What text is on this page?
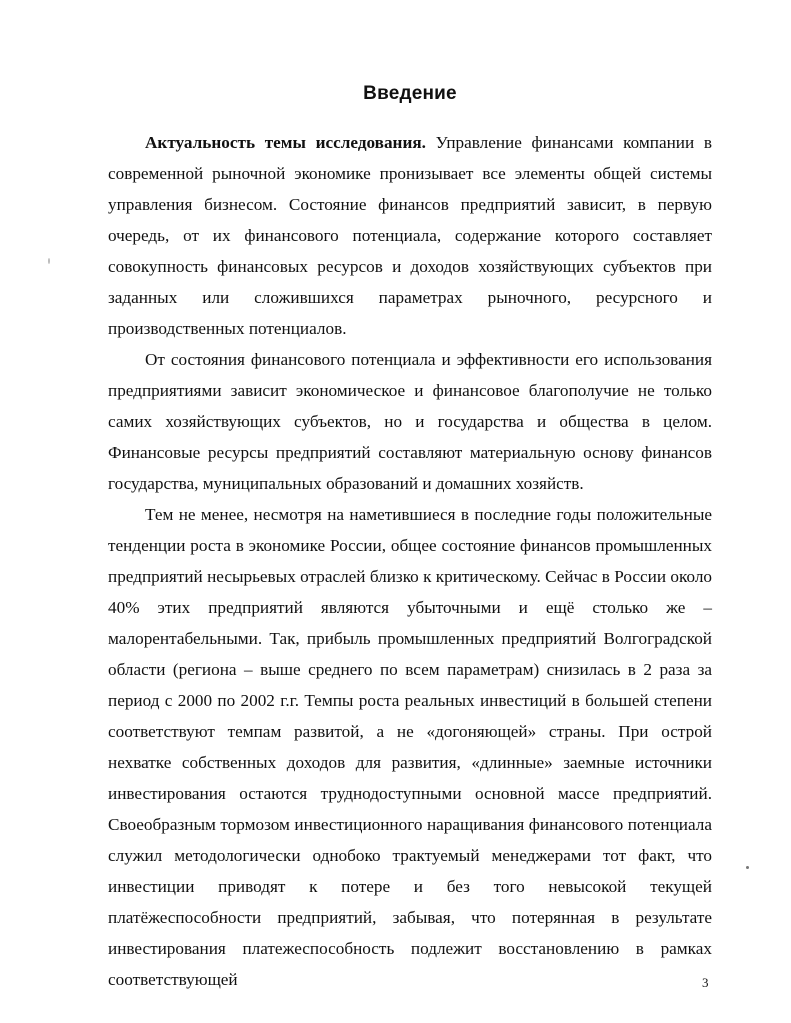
Введение

Актуальность темы исследования. Управление финансами компании в современной рыночной экономике пронизывает все элементы общей системы управления бизнесом. Состояние финансов предприятий зависит, в первую очередь, от их финансового потенциала, содержание которого составляет совокупность финансовых ресурсов и доходов хозяйствующих субъектов при заданных или сложившихся параметрах рыночного, ресурсного и производственных потенциалов.

От состояния финансового потенциала и эффективности его использования предприятиями зависит экономическое и финансовое благополучие не только самих хозяйствующих субъектов, но и государства и общества в целом. Финансовые ресурсы предприятий составляют материальную основу финансов государства, муниципальных образований и домашних хозяйств.

Тем не менее, несмотря на наметившиеся в последние годы положительные тенденции роста в экономике России, общее состояние финансов промышленных предприятий несырьевых отраслей близко к критическому. Сейчас в России около 40% этих предприятий являются убыточными и ещё столько же – малорентабельными. Так, прибыль промышленных предприятий Волгоградской области (региона – выше среднего по всем параметрам) снизилась в 2 раза за период с 2000 по 2002 г.г. Темпы роста реальных инвестиций в большей степени соответствуют темпам развитой, а не «догоняющей» страны. При острой нехватке собственных доходов для развития, «длинные» заемные источники инвестирования остаются труднодоступными основной массе предприятий. Своеобразным тормозом инвестиционного наращивания финансового потенциала служил методологически однобоко трактуемый менеджерами тот факт, что инвестиции приводят к потере и без того невысокой текущей платёжеспособности предприятий, забывая, что потерянная в результате инвестирования платежеспособность подлежит восстановлению в рамках соответствующей	3
